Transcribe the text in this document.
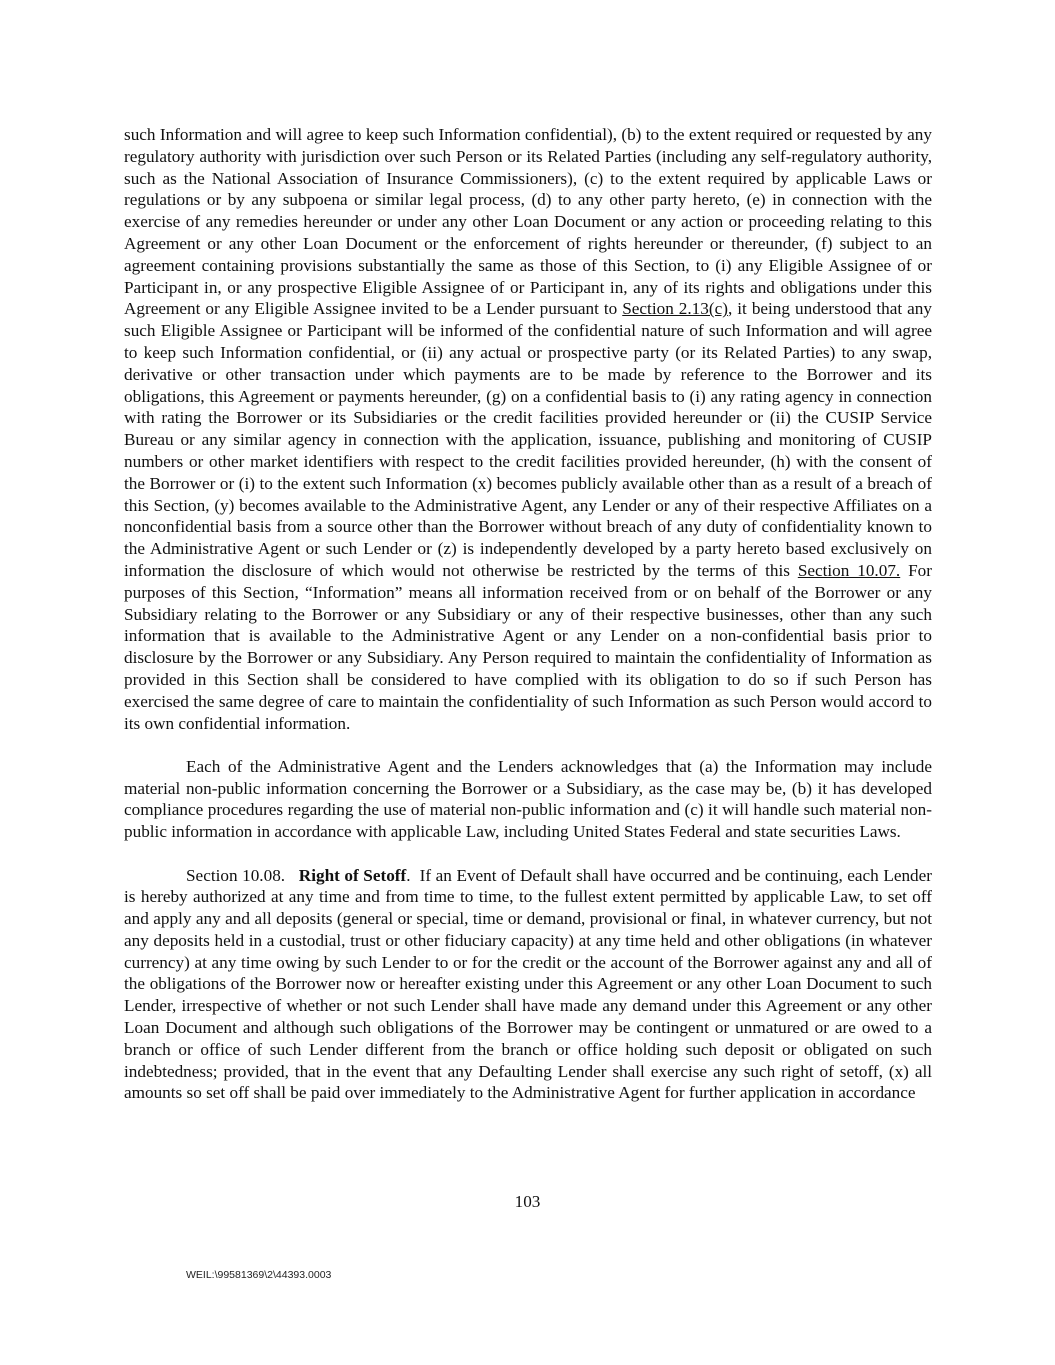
such Information and will agree to keep such Information confidential), (b) to the extent required or requested by any regulatory authority with jurisdiction over such Person or its Related Parties (including any self-regulatory authority, such as the National Association of Insurance Commissioners), (c) to the extent required by applicable Laws or regulations or by any subpoena or similar legal process, (d) to any other party hereto, (e) in connection with the exercise of any remedies hereunder or under any other Loan Document or any action or proceeding relating to this Agreement or any other Loan Document or the enforcement of rights hereunder or thereunder, (f) subject to an agreement containing provisions substantially the same as those of this Section, to (i) any Eligible Assignee of or Participant in, or any prospective Eligible Assignee of or Participant in, any of its rights and obligations under this Agreement or any Eligible Assignee invited to be a Lender pursuant to Section 2.13(c), it being understood that any such Eligible Assignee or Participant will be informed of the confidential nature of such Information and will agree to keep such Information confidential, or (ii) any actual or prospective party (or its Related Parties) to any swap, derivative or other transaction under which payments are to be made by reference to the Borrower and its obligations, this Agreement or payments hereunder, (g) on a confidential basis to (i) any rating agency in connection with rating the Borrower or its Subsidiaries or the credit facilities provided hereunder or (ii) the CUSIP Service Bureau or any similar agency in connection with the application, issuance, publishing and monitoring of CUSIP numbers or other market identifiers with respect to the credit facilities provided hereunder, (h) with the consent of the Borrower or (i) to the extent such Information (x) becomes publicly available other than as a result of a breach of this Section, (y) becomes available to the Administrative Agent, any Lender or any of their respective Affiliates on a nonconfidential basis from a source other than the Borrower without breach of any duty of confidentiality known to the Administrative Agent or such Lender or (z) is independently developed by a party hereto based exclusively on information the disclosure of which would not otherwise be restricted by the terms of this Section 10.07. For purposes of this Section, “Information” means all information received from or on behalf of the Borrower or any Subsidiary relating to the Borrower or any Subsidiary or any of their respective businesses, other than any such information that is available to the Administrative Agent or any Lender on a non-confidential basis prior to disclosure by the Borrower or any Subsidiary. Any Person required to maintain the confidentiality of Information as provided in this Section shall be considered to have complied with its obligation to do so if such Person has exercised the same degree of care to maintain the confidentiality of such Information as such Person would accord to its own confidential information.

Each of the Administrative Agent and the Lenders acknowledges that (a) the Information may include material non-public information concerning the Borrower or a Subsidiary, as the case may be, (b) it has developed compliance procedures regarding the use of material non-public information and (c) it will handle such material non-public information in accordance with applicable Law, including United States Federal and state securities Laws.

Section 10.08. Right of Setoff. If an Event of Default shall have occurred and be continuing, each Lender is hereby authorized at any time and from time to time, to the fullest extent permitted by applicable Law, to set off and apply any and all deposits (general or special, time or demand, provisional or final, in whatever currency, but not any deposits held in a custodial, trust or other fiduciary capacity) at any time held and other obligations (in whatever currency) at any time owing by such Lender to or for the credit or the account of the Borrower against any and all of the obligations of the Borrower now or hereafter existing under this Agreement or any other Loan Document to such Lender, irrespective of whether or not such Lender shall have made any demand under this Agreement or any other Loan Document and although such obligations of the Borrower may be contingent or unmatured or are owed to a branch or office of such Lender different from the branch or office holding such deposit or obligated on such indebtedness; provided, that in the event that any Defaulting Lender shall exercise any such right of setoff, (x) all amounts so set off shall be paid over immediately to the Administrative Agent for further application in accordance

103
WEIL:\99581369\2\44393.0003
